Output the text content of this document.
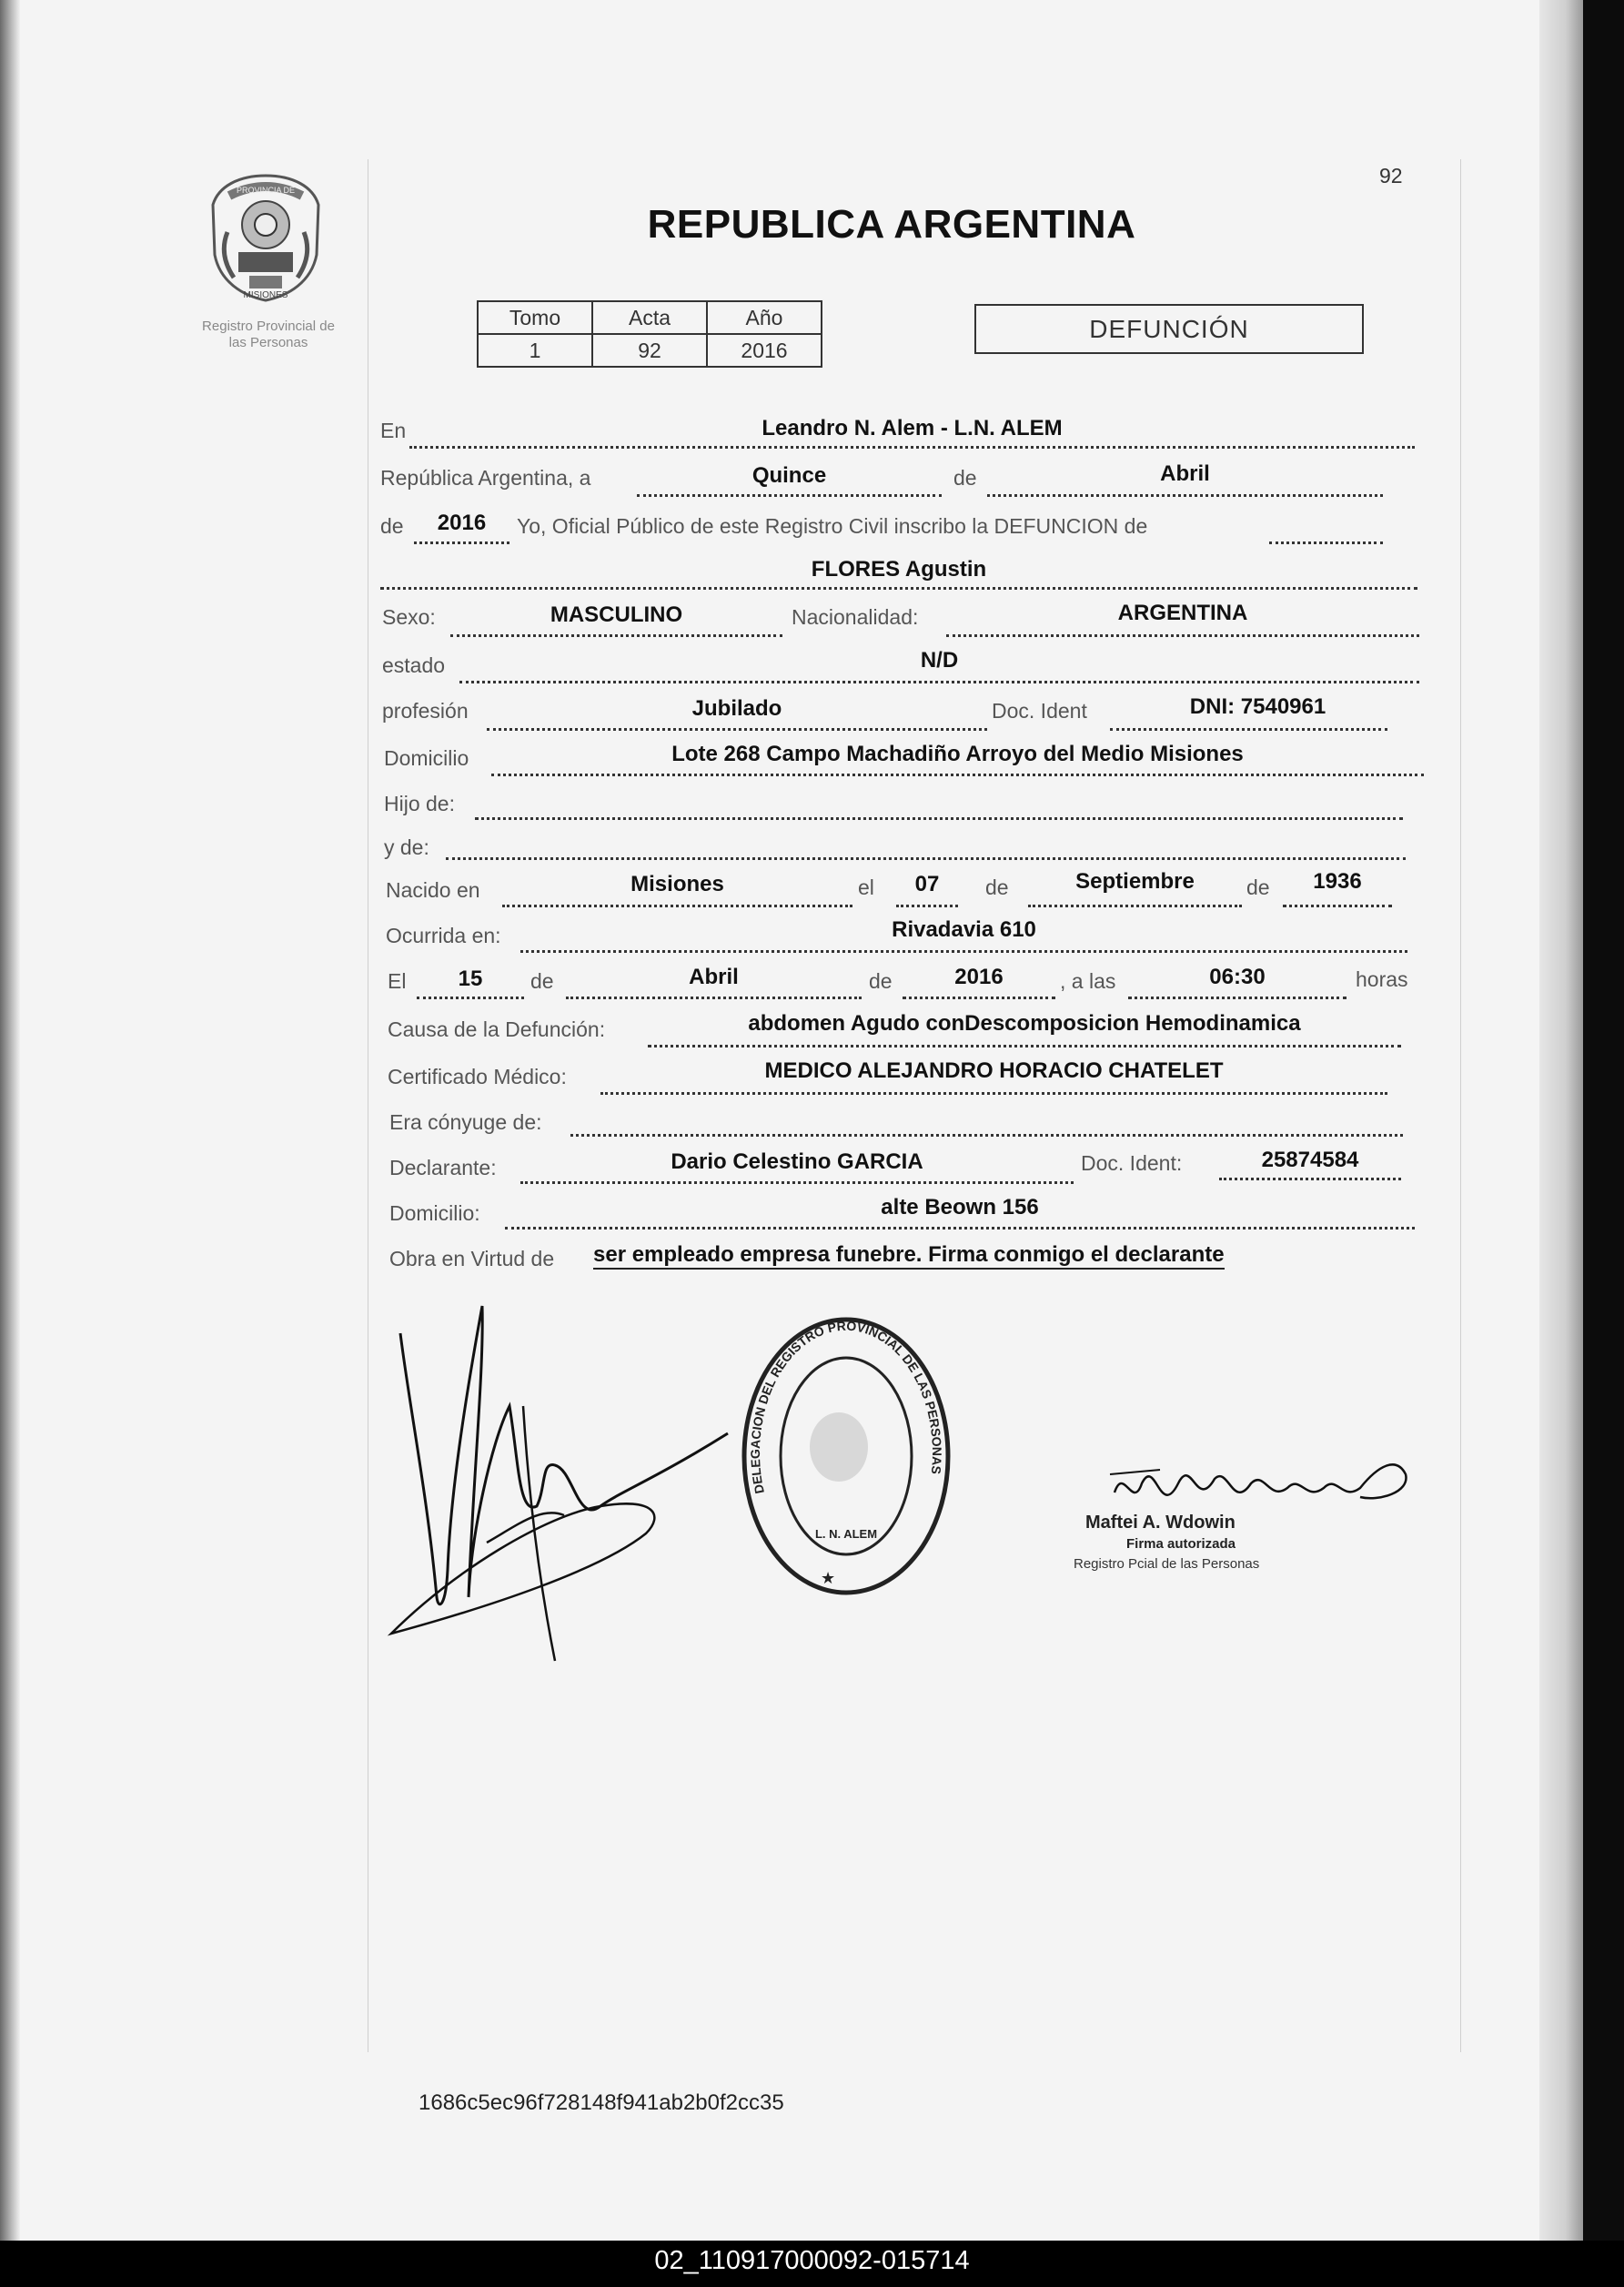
92
PROVINCIA DE
MISIONES
Registro Provincial de
las Personas
REPUBLICA ARGENTINA
Tomo	Acta	Año
1	92	2016
DEFUNCIÓN
En	Leandro N. Alem - L.N. ALEM
República Argentina, a	Quince	de	Abril
de	2016	Yo, Oficial Público de este Registro Civil inscribo la DEFUNCION de
FLORES Agustin
Sexo:	MASCULINO	Nacionalidad:	ARGENTINA
estado	N/D
profesión	Jubilado	Doc. Ident	DNI: 7540961
Domicilio	Lote 268 Campo Machadiño Arroyo del Medio Misiones
Hijo de:
y de:
Nacido en	Misiones	el	07	de	Septiembre	de	1936
Ocurrida en:	Rivadavia 610
El	15	de	Abril	de	2016	, a las	06:30	horas
Causa de la Defunción:	abdomen Agudo conDescomposicion Hemodinamica
Certificado Médico:	MEDICO ALEJANDRO HORACIO CHATELET
Era cónyuge de:
Declarante:	Dario Celestino GARCIA	Doc. Ident:	25874584
Domicilio:	alte Beown 156
Obra en Virtud de ser empleado empresa funebre. Firma conmigo el declarante
DELEGACION DEL REGISTRO PROVINCIAL DE LAS PERSONAS
L. N. ALEM
★
Maftei A. Wdowin
Firma autorizada
Registro Pcial de las Personas
1686c5ec96f728148f941ab2b0f2cc35
02_110917000092-015714
